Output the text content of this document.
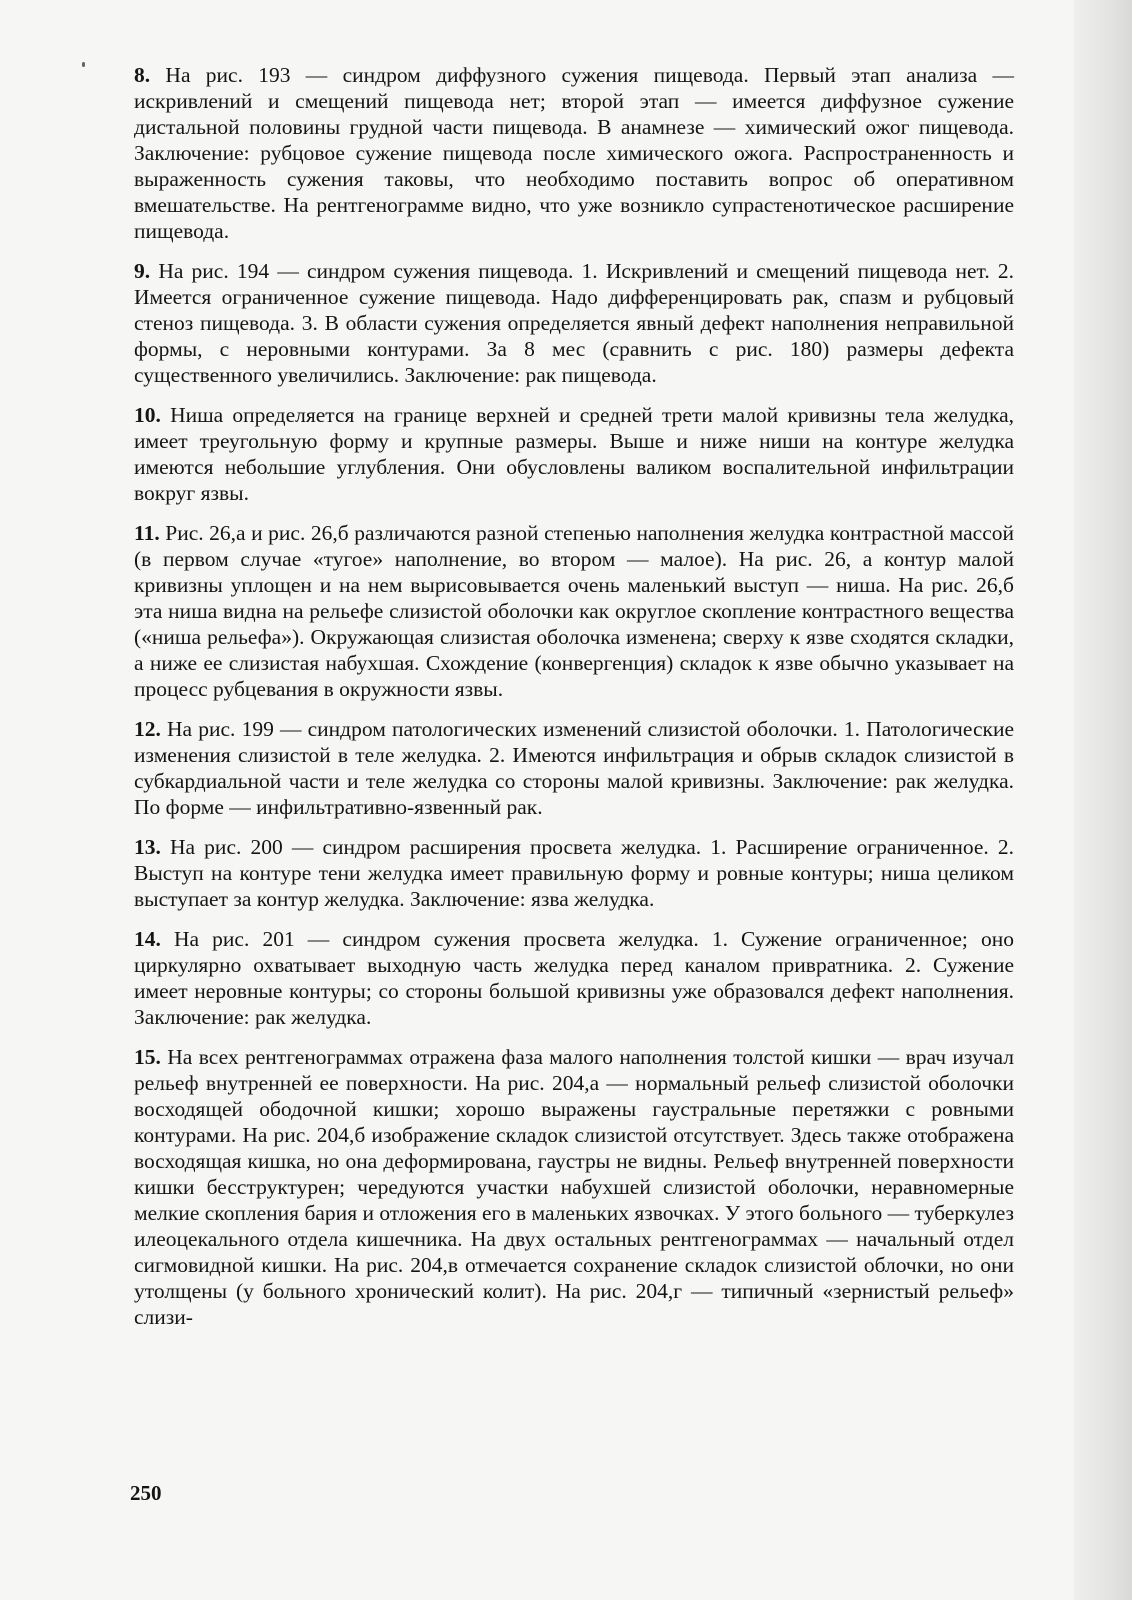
8. На рис. 193 — синдром диффузного сужения пищевода. Первый этап анализа — искривлений и смещений пищевода нет; второй этап — имеется диффузное сужение дистальной половины грудной части пищевода. В анамнезе — химический ожог пищевода. Заключение: рубцовое сужение пищевода после химического ожога. Распространенность и выраженность сужения таковы, что необходимо поставить вопрос об оперативном вмешательстве. На рентгенограмме видно, что уже возникло супрастенотическое расширение пищевода.

9. На рис. 194 — синдром сужения пищевода. 1. Искривлений и смещений пищевода нет. 2. Имеется ограниченное сужение пищевода. Надо дифференцировать рак, спазм и рубцовый стеноз пищевода. 3. В области сужения определяется явный дефект наполнения неправильной формы, с неровными контурами. За 8 мес (сравнить с рис. 180) размеры дефекта существенного увеличились. Заключение: рак пищевода.

10. Ниша определяется на границе верхней и средней трети малой кривизны тела желудка, имеет треугольную форму и крупные размеры. Выше и ниже ниши на контуре желудка имеются небольшие углубления. Они обусловлены валиком воспалительной инфильтрации вокруг язвы.

11. Рис. 26,а и рис. 26,б различаются разной степенью наполнения желудка контрастной массой (в первом случае «тугое» наполнение, во втором — малое). На рис. 26, а контур малой кривизны уплощен и на нем вырисовывается очень маленький выступ — ниша. На рис. 26,б эта ниша видна на рельефе слизистой оболочки как округлое скопление контрастного вещества («ниша рельефа»). Окружающая слизистая оболочка изменена; сверху к язве сходятся складки, а ниже ее слизистая набухшая. Схождение (конвергенция) складок к язве обычно указывает на процесс рубцевания в окружности язвы.

12. На рис. 199 — синдром патологических изменений слизистой оболочки. 1. Патологические изменения слизистой в теле желудка. 2. Имеются инфильтрация и обрыв складок слизистой в субкардиальной части и теле желудка со стороны малой кривизны. Заключение: рак желудка. По форме — инфильтративно-язвенный рак.

13. На рис. 200 — синдром расширения просвета желудка. 1. Расширение ограниченное. 2. Выступ на контуре тени желудка имеет правильную форму и ровные контуры; ниша целиком выступает за контур желудка. Заключение: язва желудка.

14. На рис. 201 — синдром сужения просвета желудка. 1. Сужение ограниченное; оно циркулярно охватывает выходную часть желудка перед каналом привратника. 2. Сужение имеет неровные контуры; со стороны большой кривизны уже образовался дефект наполнения. Заключение: рак желудка.

15. На всех рентгенограммах отражена фаза малого наполнения толстой кишки — врач изучал рельеф внутренней ее поверхности. На рис. 204,а — нормальный рельеф слизистой оболочки восходящей ободочной кишки; хорошо выражены гаустральные перетяжки с ровными контурами. На рис. 204,б изображение складок слизистой отсутствует. Здесь также отображена восходящая кишка, но она деформирована, гаустры не видны. Рельеф внутренней поверхности кишки бесструктурен; чередуются участки набухшей слизистой оболочки, неравномерные мелкие скопления бария и отложения его в маленьких язвочках. У этого больного — туберкулез илеоцекального отдела кишечника. На двух остальных рентгенограммах — начальный отдел сигмовидной кишки. На рис. 204,в отмечается сохранение складок слизистой облочки, но они утолщены (у больного хронический колит). На рис. 204,г — типичный «зернистый рельеф» слизи-

250
